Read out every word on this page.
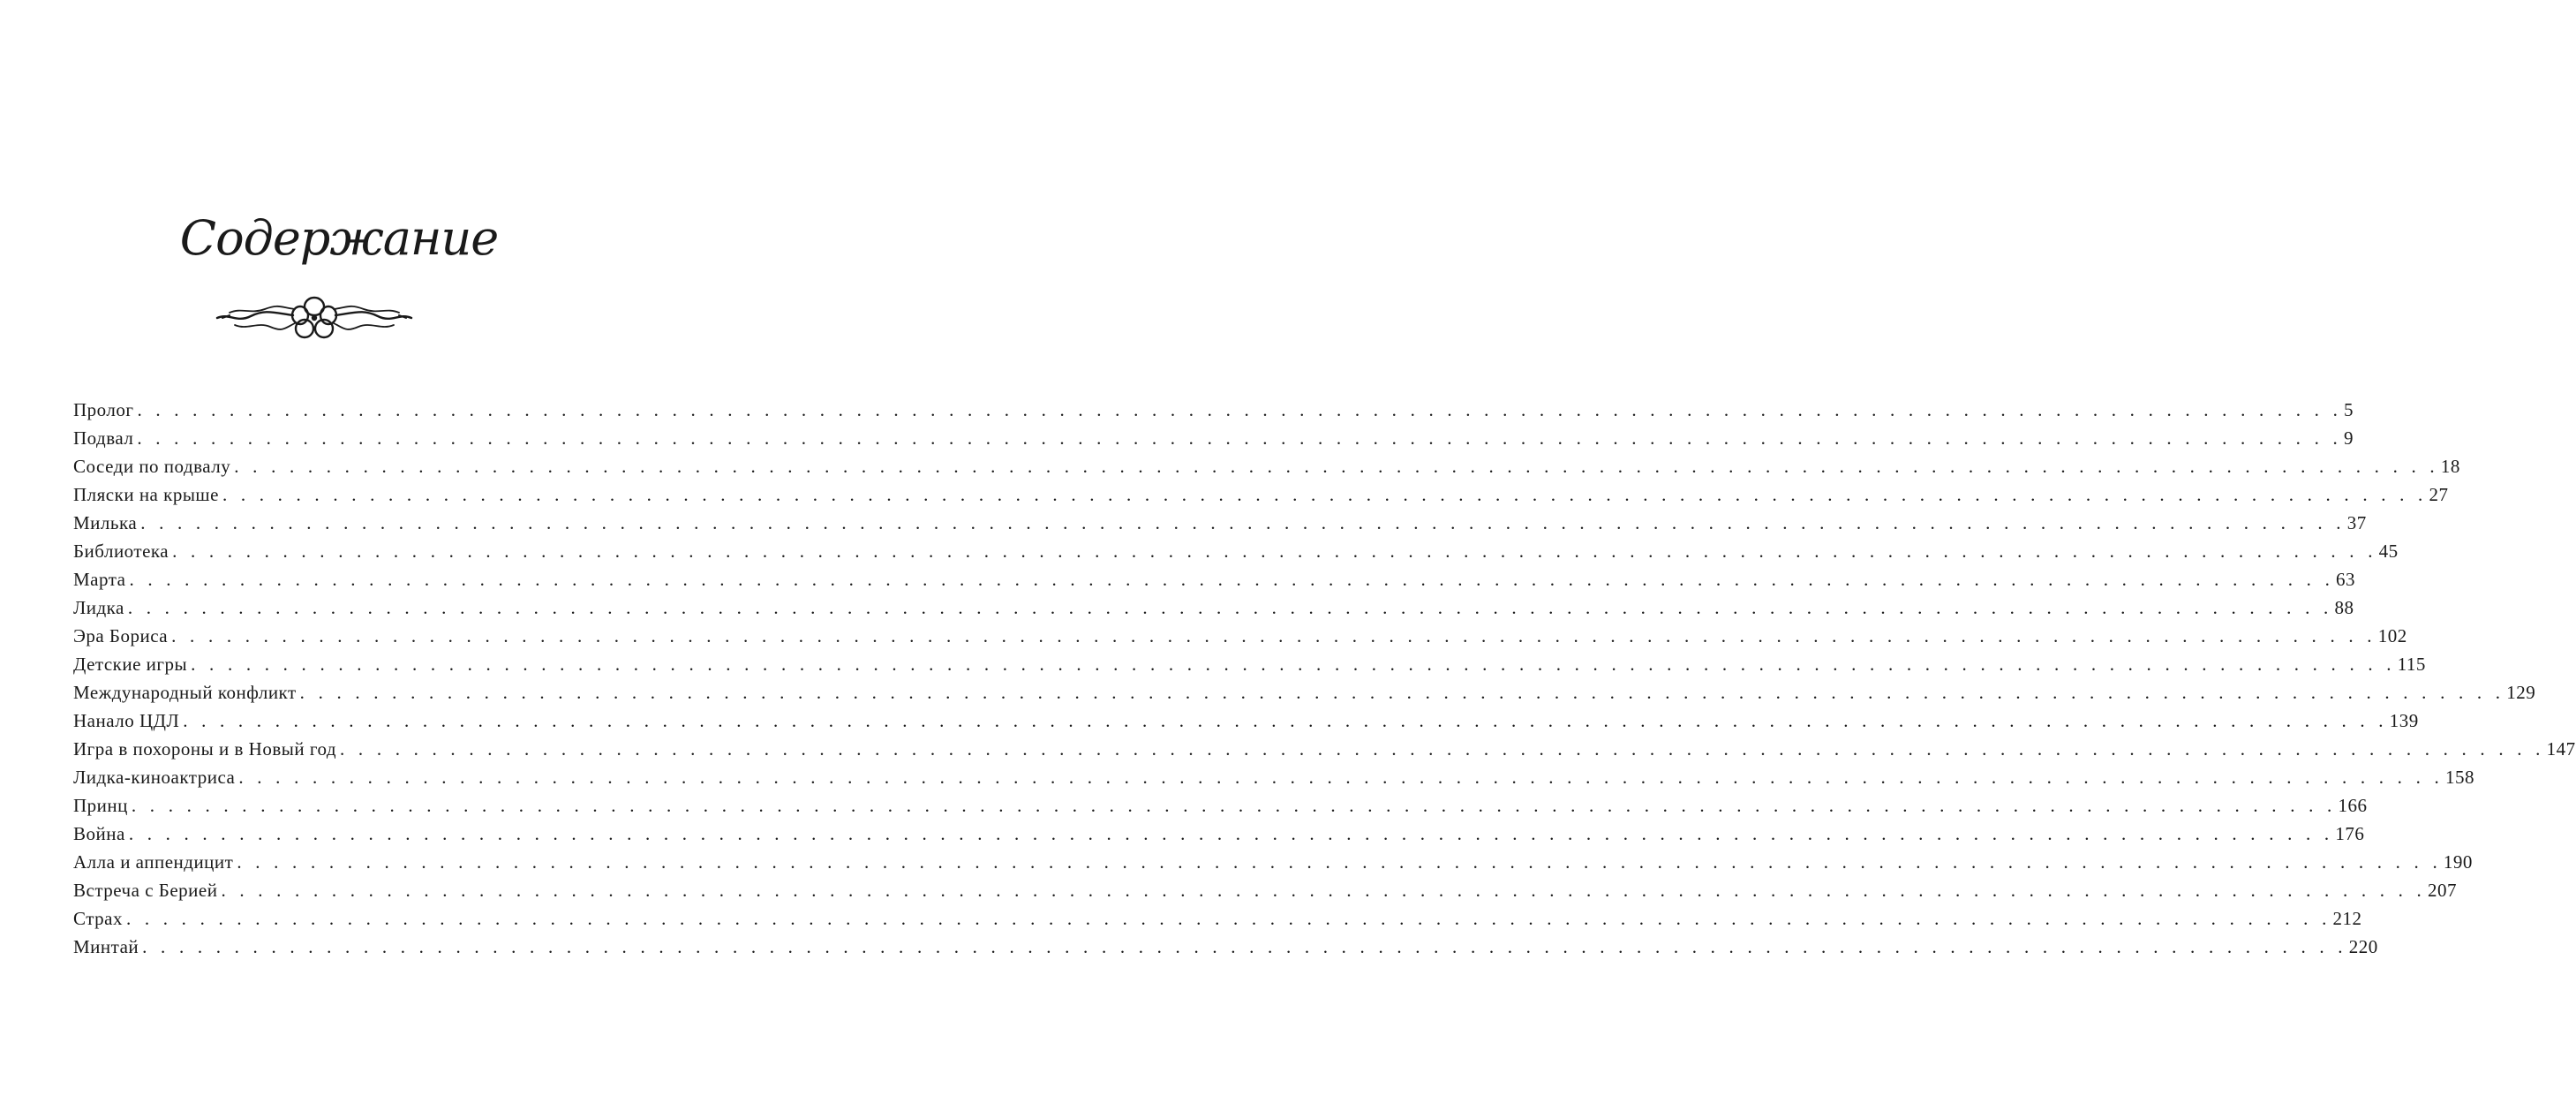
Содержание
Пролог . . . . . . . . . . . . . . . . . . . . . . . . . . . . . . . . . . . . . . . . . . . . . . . . . . . . . . . . . . . . . . . . . . . . . . . . . . . . . . . . . . . . . . . . . . . . . . . . . . . . . . . . . . . . . . . . . . . . . . . . 5
Подвал . . . . . . . . . . . . . . . . . . . . . . . . . . . . . . . . . . . . . . . . . . . . . . . . . . . . . . . . . . . . . . . . . . . . . . . . . . . . . . . . . . . . . . . . . . . . . . . . . . . . . . . . . . . . . . . . . . . . . . . . 9
Соседи по подвалу . . . . . . . . . . . . . . . . . . . . . . . . . . . . . . . . . . . . . . . . . . . . . . . . . . . . . . . . . . . . . . . . . . . . . . . . . . . . . . . . . . . . . . . . . . . . . . . . . . . . . . . . . . . . . . . . . . . . . . . . 18
Пляски на крыше . . . . . . . . . . . . . . . . . . . . . . . . . . . . . . . . . . . . . . . . . . . . . . . . . . . . . . . . . . . . . . . . . . . . . . . . . . . . . . . . . . . . . . . . . . . . . . . . . . . . . . . . . . . . . . . . . . . . . . . . 27
Милька . . . . . . . . . . . . . . . . . . . . . . . . . . . . . . . . . . . . . . . . . . . . . . . . . . . . . . . . . . . . . . . . . . . . . . . . . . . . . . . . . . . . . . . . . . . . . . . . . . . . . . . . . . . . . . . . . . . . . . . . 37
Библиотека . . . . . . . . . . . . . . . . . . . . . . . . . . . . . . . . . . . . . . . . . . . . . . . . . . . . . . . . . . . . . . . . . . . . . . . . . . . . . . . . . . . . . . . . . . . . . . . . . . . . . . . . . . . . . . . . . . . . . . . . 45
Марта . . . . . . . . . . . . . . . . . . . . . . . . . . . . . . . . . . . . . . . . . . . . . . . . . . . . . . . . . . . . . . . . . . . . . . . . . . . . . . . . . . . . . . . . . . . . . . . . . . . . . . . . . . . . . . . . . . . . . . . . 63
Лидка . . . . . . . . . . . . . . . . . . . . . . . . . . . . . . . . . . . . . . . . . . . . . . . . . . . . . . . . . . . . . . . . . . . . . . . . . . . . . . . . . . . . . . . . . . . . . . . . . . . . . . . . . . . . . . . . . . . . . . . . 88
Эра Бориса . . . . . . . . . . . . . . . . . . . . . . . . . . . . . . . . . . . . . . . . . . . . . . . . . . . . . . . . . . . . . . . . . . . . . . . . . . . . . . . . . . . . . . . . . . . . . . . . . . . . . . . . . . . . . . . . . . . . . . . . 102
Детские игры . . . . . . . . . . . . . . . . . . . . . . . . . . . . . . . . . . . . . . . . . . . . . . . . . . . . . . . . . . . . . . . . . . . . . . . . . . . . . . . . . . . . . . . . . . . . . . . . . . . . . . . . . . . . . . . . . . . . . . . . 115
Международный конфликт . . . . . . . . . . . . . . . . . . . . . . . . . . . . . . . . . . . . . . . . . . . . . . . . . . . . . . . . . . . . . . . . . . . . . . . . . . . . . . . . . . . . . . . . . . . . . . . . . . . . . . . . . . . . . . . . . . . . . . . . 129
Нанало ЦДЛ . . . . . . . . . . . . . . . . . . . . . . . . . . . . . . . . . . . . . . . . . . . . . . . . . . . . . . . . . . . . . . . . . . . . . . . . . . . . . . . . . . . . . . . . . . . . . . . . . . . . . . . . . . . . . . . . . . . . . . . . 139
Игра в похороны и в Новый год . . . . . . . . . . . . . . . . . . . . . . . . . . . . . . . . . . . . . . . . . . . . . . . . . . . . . . . . . . . . . . . . . . . . . . . . . . . . . . . . . . . . . . . . . . . . . . . . . . . . . . . . . . . . . . . . . . . . . . . . 147
Лидка-киноактриса . . . . . . . . . . . . . . . . . . . . . . . . . . . . . . . . . . . . . . . . . . . . . . . . . . . . . . . . . . . . . . . . . . . . . . . . . . . . . . . . . . . . . . . . . . . . . . . . . . . . . . . . . . . . . . . . . . . . . . . . 158
Принц . . . . . . . . . . . . . . . . . . . . . . . . . . . . . . . . . . . . . . . . . . . . . . . . . . . . . . . . . . . . . . . . . . . . . . . . . . . . . . . . . . . . . . . . . . . . . . . . . . . . . . . . . . . . . . . . . . . . . . . . 166
Война . . . . . . . . . . . . . . . . . . . . . . . . . . . . . . . . . . . . . . . . . . . . . . . . . . . . . . . . . . . . . . . . . . . . . . . . . . . . . . . . . . . . . . . . . . . . . . . . . . . . . . . . . . . . . . . . . . . . . . . . 176
Алла и аппендицит . . . . . . . . . . . . . . . . . . . . . . . . . . . . . . . . . . . . . . . . . . . . . . . . . . . . . . . . . . . . . . . . . . . . . . . . . . . . . . . . . . . . . . . . . . . . . . . . . . . . . . . . . . . . . . . . . . . . . . . . 190
Встреча с Берией . . . . . . . . . . . . . . . . . . . . . . . . . . . . . . . . . . . . . . . . . . . . . . . . . . . . . . . . . . . . . . . . . . . . . . . . . . . . . . . . . . . . . . . . . . . . . . . . . . . . . . . . . . . . . . . . . . . . . . . . 207
Страх . . . . . . . . . . . . . . . . . . . . . . . . . . . . . . . . . . . . . . . . . . . . . . . . . . . . . . . . . . . . . . . . . . . . . . . . . . . . . . . . . . . . . . . . . . . . . . . . . . . . . . . . . . . . . . . . . . . . . . . . 212
Минтай . . . . . . . . . . . . . . . . . . . . . . . . . . . . . . . . . . . . . . . . . . . . . . . . . . . . . . . . . . . . . . . . . . . . . . . . . . . . . . . . . . . . . . . . . . . . . . . . . . . . . . . . . . . . . . . . . . . . . . . . 220
